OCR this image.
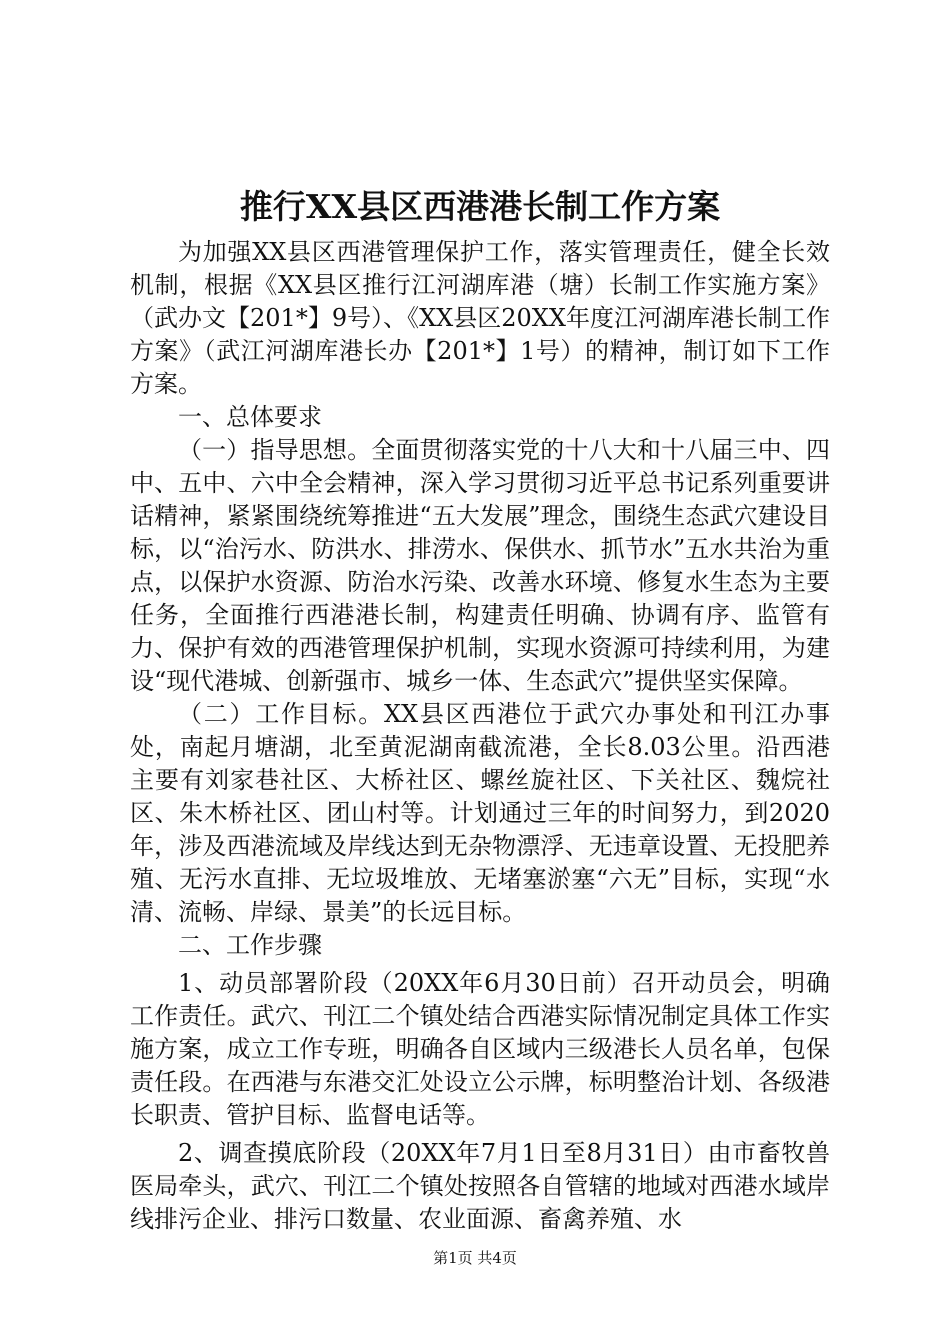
推行XX县区西港港长制工作方案

为加强XX县区西港管理保护工作，落实管理责任，健全长效机制，根据《XX县区推行江河湖库港（塘）长制工作实施方案》（武办文【201*】9号）、《XX县区20XX年度江河湖库港长制工作方案》（武江河湖库港长办【201*】1号）的精神，制订如下工作方案。

一、总体要求

（一）指导思想。全面贯彻落实党的十八大和十八届三中、四中、五中、六中全会精神，深入学习贯彻习近平总书记系列重要讲话精神，紧紧围绕统筹推进“五大发展”理念，围绕生态武穴建设目标，以“治污水、防洪水、排涝水、保供水、抓节水”五水共治为重点，以保护水资源、防治水污染、改善水环境、修复水生态为主要任务，全面推行西港港长制，构建责任明确、协调有序、监管有力、保护有效的西港管理保护机制，实现水资源可持续利用，为建设“现代港城、创新强市、城乡一体、生态武穴”提供坚实保障。

（二）工作目标。XX县区西港位于武穴办事处和刊江办事处，南起月塘湖，北至黄泥湖南截流港，全长8.03公里。沿西港主要有刘家巷社区、大桥社区、螺丝旋社区、下关社区、魏烷社区、朱木桥社区、团山村等。计划通过三年的时间努力，到2020年，涉及西港流域及岸线达到无杂物漂浮、无违章设置、无投肥养殖、无污水直排、无垃圾堆放、无堵塞淤塞“六无”目标，实现“水清、流畅、岸绿、景美”的长远目标。

二、工作步骤

1、动员部署阶段（20XX年6月30日前）召开动员会，明确工作责任。武穴、刊江二个镇处结合西港实际情况制定具体工作实施方案，成立工作专班，明确各自区域内三级港长人员名单，包保责任段。在西港与东港交汇处设立公示牌，标明整治计划、各级港长职责、管护目标、监督电话等。

2、调查摸底阶段（20XX年7月1日至8月31日）由市畜牧兽医局牵头，武穴、刊江二个镇处按照各自管辖的地域对西港水域岸线排污企业、排污口数量、农业面源、畜禽养殖、水

第1页 共4页
